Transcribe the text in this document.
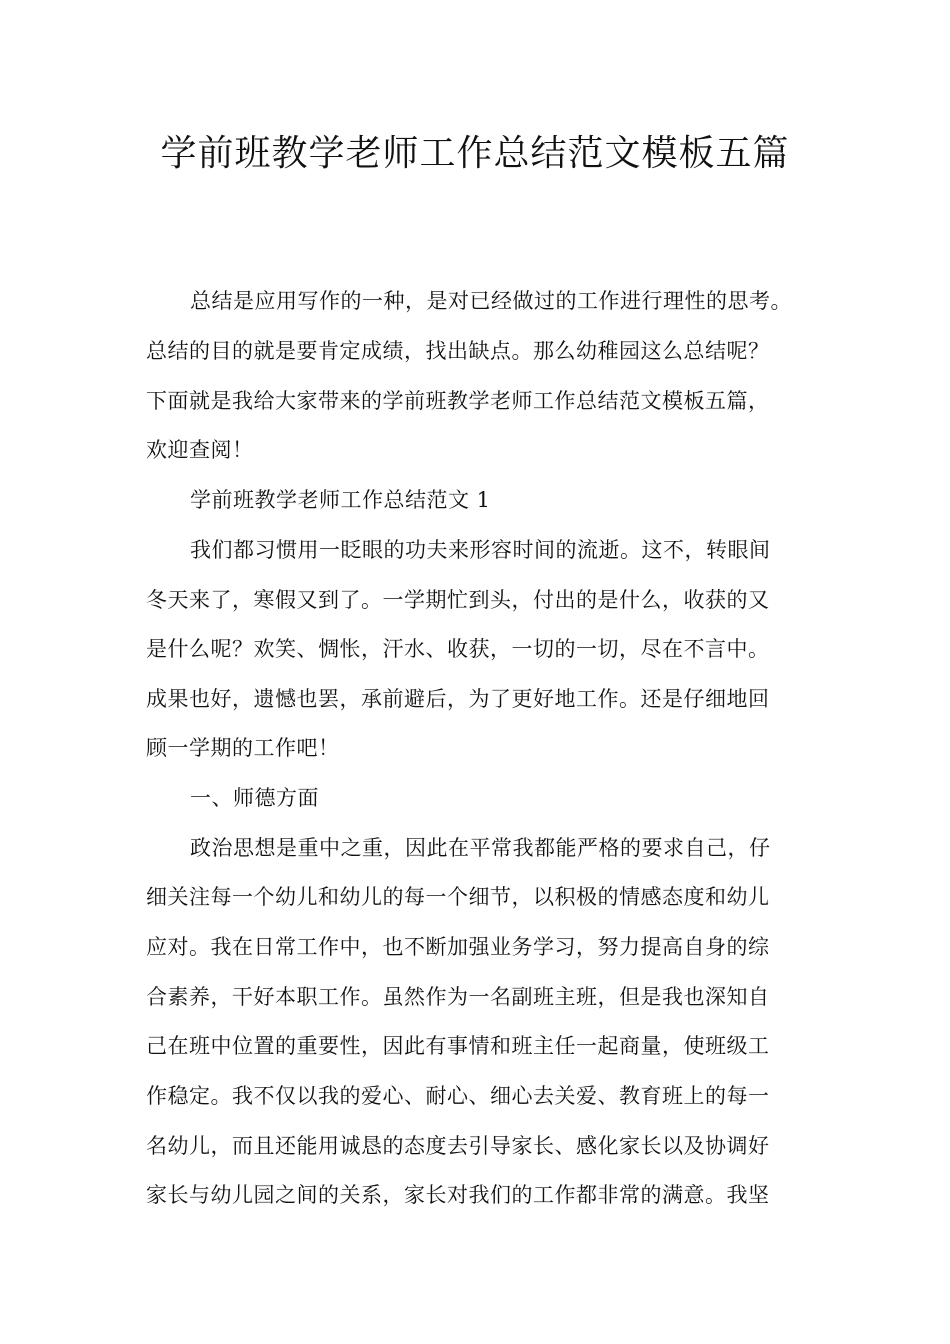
学前班教学老师工作总结范文模板五篇
总结是应用写作的一种，是对已经做过的工作进行理性的思考。
总结的目的就是要肯定成绩，找出缺点。那么幼稚园这么总结呢？
下面就是我给大家带来的学前班教学老师工作总结范文模板五篇，
欢迎查阅！
学前班教学老师工作总结范文 1
我们都习惯用一眨眼的功夫来形容时间的流逝。这不，转眼间
冬天来了，寒假又到了。一学期忙到头，付出的是什么，收获的又
是什么呢？欢笑、惆怅，汗水、收获，一切的一切，尽在不言中。
成果也好，遗憾也罢，承前避后，为了更好地工作。还是仔细地回
顾一学期的工作吧！
一、师德方面
政治思想是重中之重，因此在平常我都能严格的要求自己，仔
细关注每一个幼儿和幼儿的每一个细节，以积极的情感态度和幼儿
应对。我在日常工作中，也不断加强业务学习，努力提高自身的综
合素养，干好本职工作。虽然作为一名副班主班，但是我也深知自
己在班中位置的重要性，因此有事情和班主任一起商量，使班级工
作稳定。我不仅以我的爱心、耐心、细心去关爱、教育班上的每一
名幼儿，而且还能用诚恳的态度去引导家长、感化家长以及协调好
家长与幼儿园之间的关系，家长对我们的工作都非常的满意。我坚
